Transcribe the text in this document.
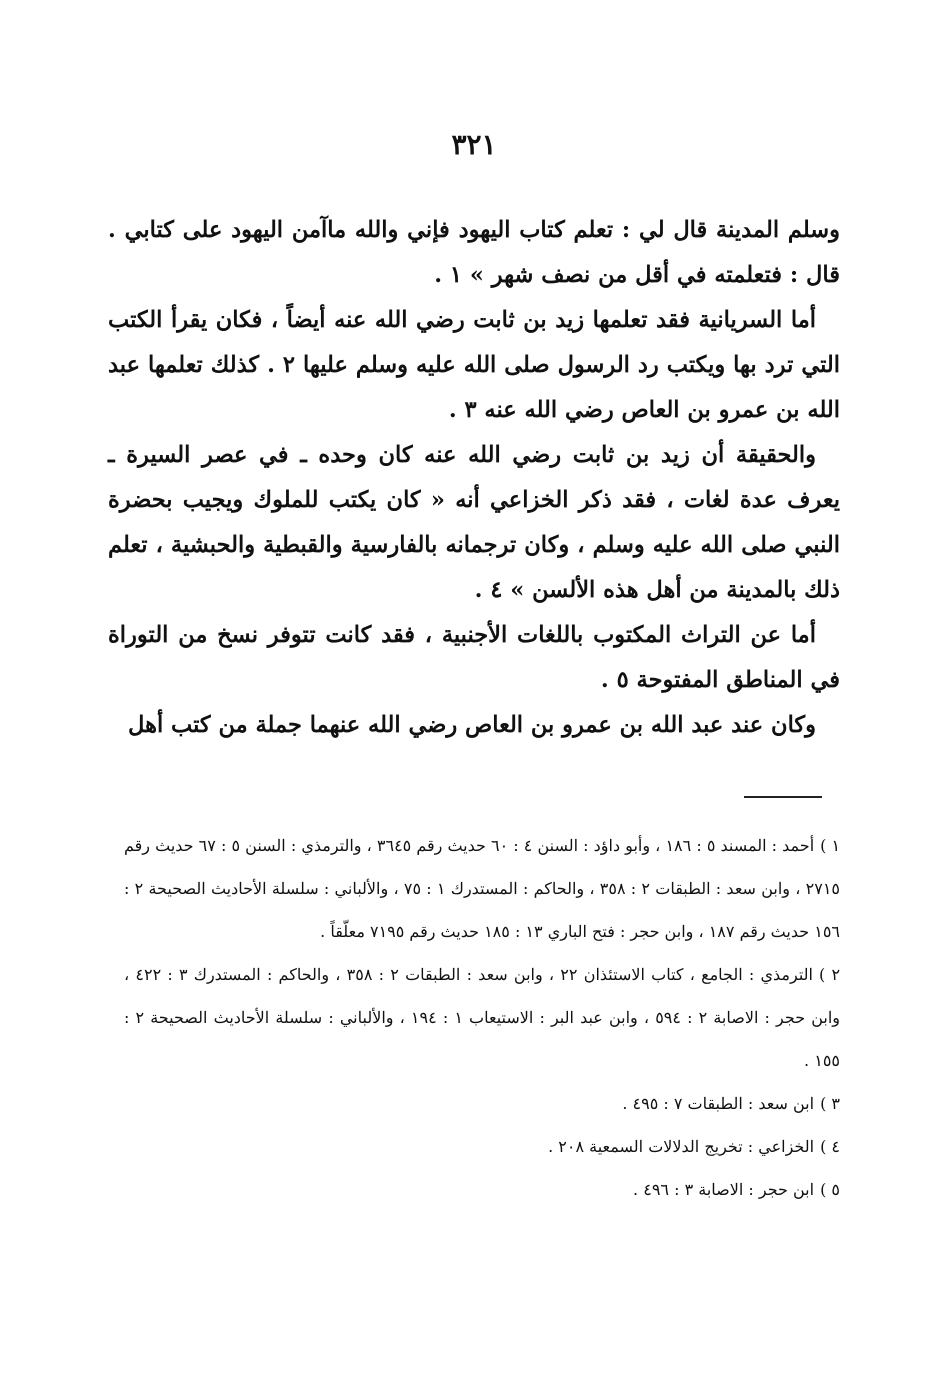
٣٢١

وسلم المدينة قال لي : تعلم كتاب اليهود فإني والله ماآمن اليهود على كتابي . قال : فتعلمته في أقل من نصف شهر » ١ .

أما السريانية فقد تعلمها زيد بن ثابت رضي الله عنه أيضاً ، فكان يقرأ الكتب التي ترد بها ويكتب رد الرسول صلى الله عليه وسلم عليها ٢ . كذلك تعلمها عبد الله بن عمرو بن العاص رضي الله عنه ٣ .

والحقيقة أن زيد بن ثابت رضي الله عنه كان وحده ـ في عصر السيرة ـ يعرف عدة لغات ، فقد ذكر الخزاعي أنه « كان يكتب للملوك ويجيب بحضرة النبي صلى الله عليه وسلم ، وكان ترجمانه بالفارسية والقبطية والحبشية ، تعلم ذلك بالمدينة من أهل هذه الألسن » ٤ .

أما عن التراث المكتوب باللغات الأجنبية ، فقد كانت تتوفر نسخ من التوراة في المناطق المفتوحة ٥ .

وكان عند عبد الله بن عمرو بن العاص رضي الله عنهما جملة من كتب أهل

١ )أحمد : المسند ٥ : ١٨٦ ، وأبو داؤد : السنن ٤ : ٦٠ حديث رقم ٣٦٤٥ ، والترمذي : السنن ٥ : ٦٧ حديث رقم ٢٧١٥ ، وابن سعد : الطبقات ٢ : ٣٥٨ ، والحاكم : المستدرك ١ : ٧٥ ، والألباني : سلسلة الأحاديث الصحيحة ٢ : ١٥٦ حديث رقم ١٨٧ ، وابن حجر : فتح الباري ١٣ : ١٨٥ حديث رقم ٧١٩٥ معلّقاً .

٢ )الترمذي : الجامع ، كتاب الاستئذان ٢٢ ، وابن سعد : الطبقات ٢ : ٣٥٨ ، والحاكم : المستدرك ٣ : ٤٢٢ ، وابن حجر : الاصابة ٢ : ٥٩٤ ، وابن عبد البر : الاستيعاب ١ : ١٩٤ ، والألباني : سلسلة الأحاديث الصحيحة ٢ : ١٥٥ .

٣ )ابن سعد : الطبقات ٧ : ٤٩٥ .

٤ )الخزاعي : تخريج الدلالات السمعية ٢٠٨ .

٥ )ابن حجر : الاصابة ٣ : ٤٩٦ .
